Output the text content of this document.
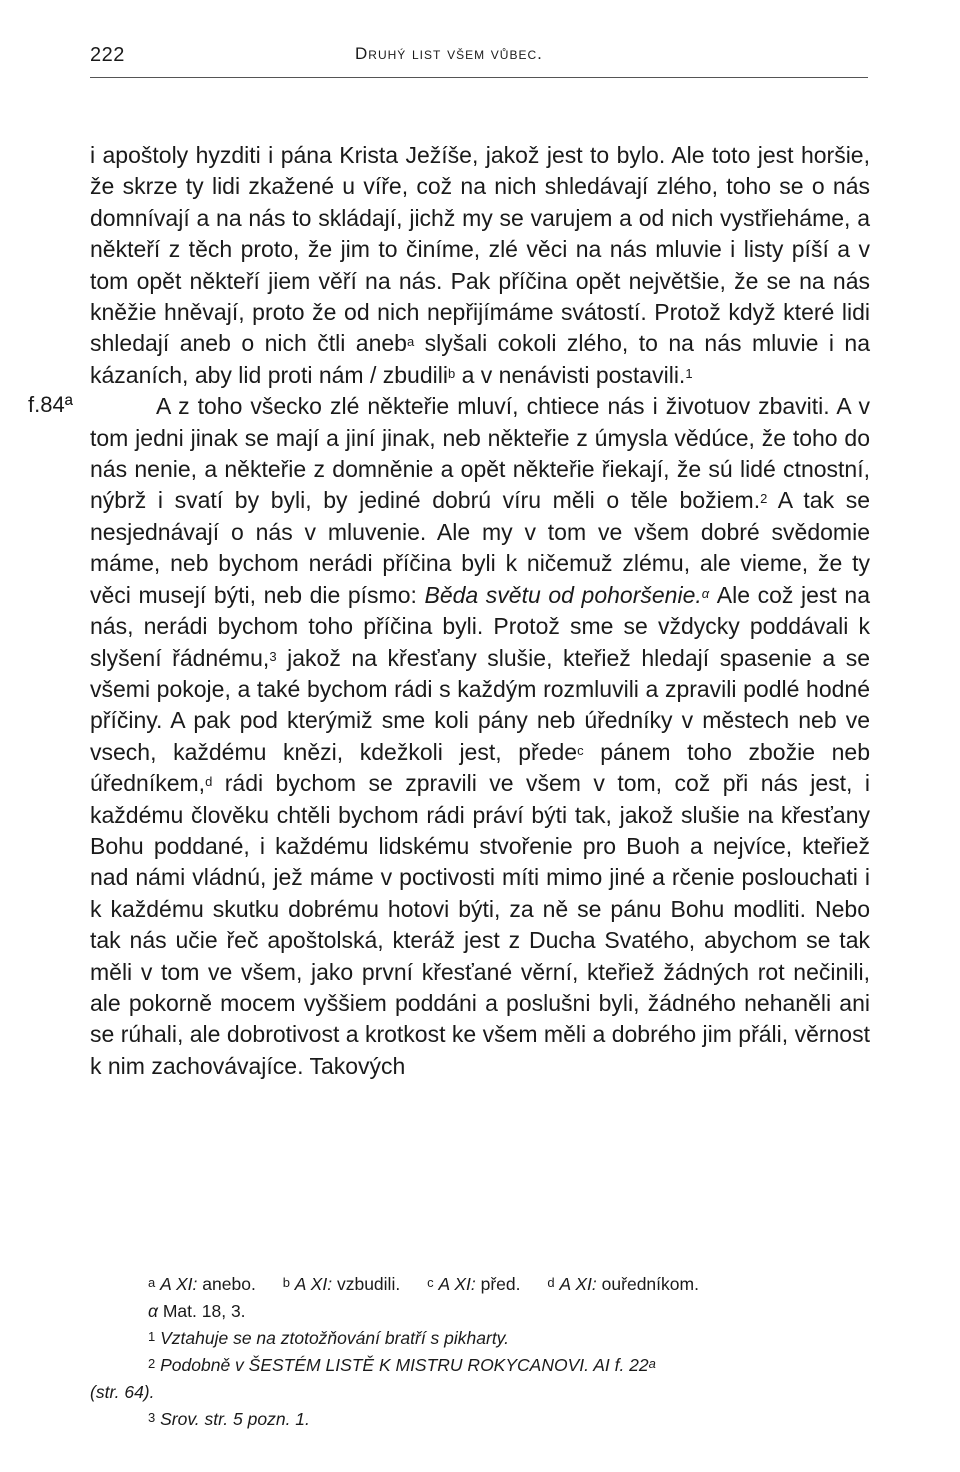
222	Druhý list všem vůbec.
f.84ª

i apoštoly hyzditi i pána Krista Ježíše, jakož jest to bylo. Ale toto jest horšie, že skrze ty lidi zkažené u víře, což na nich shledávají zlého, toho se o nás domnívají a na nás to skládají, jichž my se varujem a od nich vystřieháme, a někteří z těch proto, že jim to činíme, zlé věci na nás mluvie i listy píší a v tom opět někteří jiem věří na nás. Pak příčina opět největšie, že se na nás kněžie hněvají, proto že od nich nepřijímáme svátostí. Protož když které lidi shledají aneb o nich čtli aneb$^a$ slyšali cokoli zlého, to na nás mluvie i na kázaních, aby lid proti nám / zbudili$^b$ a v nenávisti postavili.$^1$

A z toho všecko zlé někteřie mluví, chtiece nás i životuov zbaviti. A v tom jedni jinak se mají a jiní jinak, neb někteřie z úmysla vědúce, že toho do nás nenie, a někteřie z domněnie a opět někteřie řiekají, že sú lidé ctnostní, nýbrž i svatí by byli, by jediné dobrú víru měli o těle božiem.$^2$ A tak se nesjednávají o nás v mluvenie. Ale my v tom ve všem dobré svědomie máme, neb bychom nerádi příčina byli k ničemuž zlému, ale vieme, že ty věci musejí býti, neb die písmo: Běda světu od pohoršenie.$^\alpha$ Ale což jest na nás, nerádi bychom toho příčina byli. Protož sme se vždycky poddávali k slyšení řádnému,$^3$ jakož na křesťany slušie, kteřiež hledají spasenie a se všemi pokoje, a také bychom rádi s každým rozmluvili a zpravili podlé hodné příčiny. A pak pod kterýmiž sme koli pány neb úředníky v městech neb ve vsech, každému knězi, kdežkoli jest, přede$^c$ pánem toho zbožie neb úředníkem,$^d$ rádi bychom se zpravili ve všem v tom, což při nás jest, i každému člověku chtěli bychom rádi práví býti tak, jakož slušie na křesťany Bohu poddané, i každému lidskému stvořenie pro Buoh a nejvíce, kteřiež nad námi vládnú, jež máme v poctivosti míti mimo jiné a rčenie poslouchati i k každému skutku dobrému hotovi býti, za ně se pánu Bohu modliti. Nebo tak nás učie řeč apoštolská, kteráž jest z Ducha Svatého, abychom se tak měli v tom ve všem, jako první křesťané věrní, kteřiež žádných rot nečinili, ale pokorně mocem vyššiem poddáni a poslušni byli, žádného nehaněli ani se rúhali, ale dobrotivost a krotkost ke všem měli a dobrého jim přáli, věrnost k nim zachovávajíce. Takových

$^a$ A XI: anebo. $^b$ A XI: vzbudili. $^c$ A XI: před. $^d$ A XI: ouředníkom.
α Mat. 18, 3.
$^1$ Vztahuje se na ztotožňování bratří s pikharty.
$^2$ Podobně v ŠESTÉM LISTĚ K MISTRU ROKYCANOVI. AI f. 22$^a$
(str. 64).
$^3$ Srov. str. 5 pozn. 1.
